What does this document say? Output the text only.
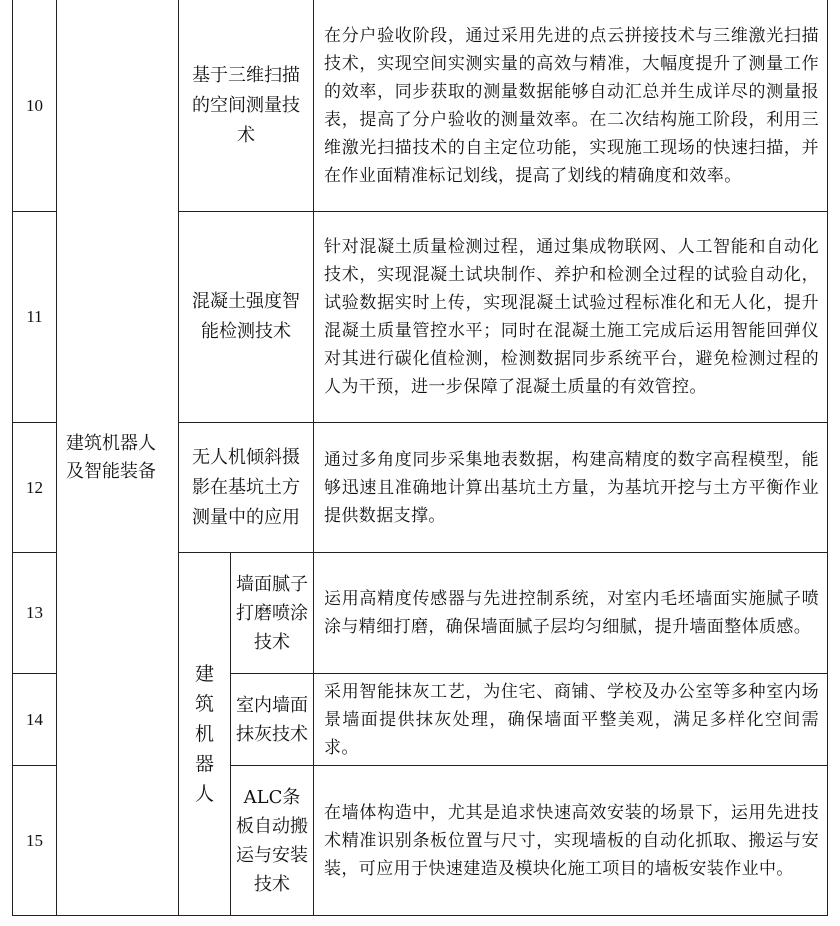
10	建筑机器人及智能装备	基于三维扫描的空间测量技术		在分户验收阶段，通过采用先进的点云拼接技术与三维激光扫描技术，实现空间实测实量的高效与精准，大幅度提升了测量工作的效率，同步获取的测量数据能够自动汇总并生成详尽的测量报表，提高了分户验收的测量效率。在二次结构施工阶段，利用三维激光扫描技术的自主定位功能，实现施工现场的快速扫描，并在作业面精准标记划线，提高了划线的精确度和效率。
11		混凝土强度智能检测技术		针对混凝土质量检测过程，通过集成物联网、人工智能和自动化技术，实现混凝土试块制作、养护和检测全过程的试验自动化，试验数据实时上传，实现混凝土试验过程标准化和无人化，提升混凝土质量管控水平；同时在混凝土施工完成后运用智能回弹仪对其进行碳化值检测，检测数据同步系统平台，避免检测过程的人为干预，进一步保障了混凝土质量的有效管控。
12		无人机倾斜摄影在基坑土方测量中的应用		通过多角度同步采集地表数据，构建高精度的数字高程模型，能够迅速且准确地计算出基坑土方量，为基坑开挖与土方平衡作业提供数据支撑。
13		建筑机器人	墙面腻子打磨喷涂技术	运用高精度传感器与先进控制系统，对室内毛坯墙面实施腻子喷涂与精细打磨，确保墙面腻子层均匀细腻，提升墙面整体质感。
14			室内墙面抹灰技术	采用智能抹灰工艺，为住宅、商铺、学校及办公室等多种室内场景墙面提供抹灰处理，确保墙面平整美观，满足多样化空间需求。
15			ALC条板自动搬运与安装技术	在墙体构造中，尤其是追求快速高效安装的场景下，运用先进技术精准识别条板位置与尺寸，实现墙板的自动化抓取、搬运与安装，可应用于快速建造及模块化施工项目的墙板安装作业中。
